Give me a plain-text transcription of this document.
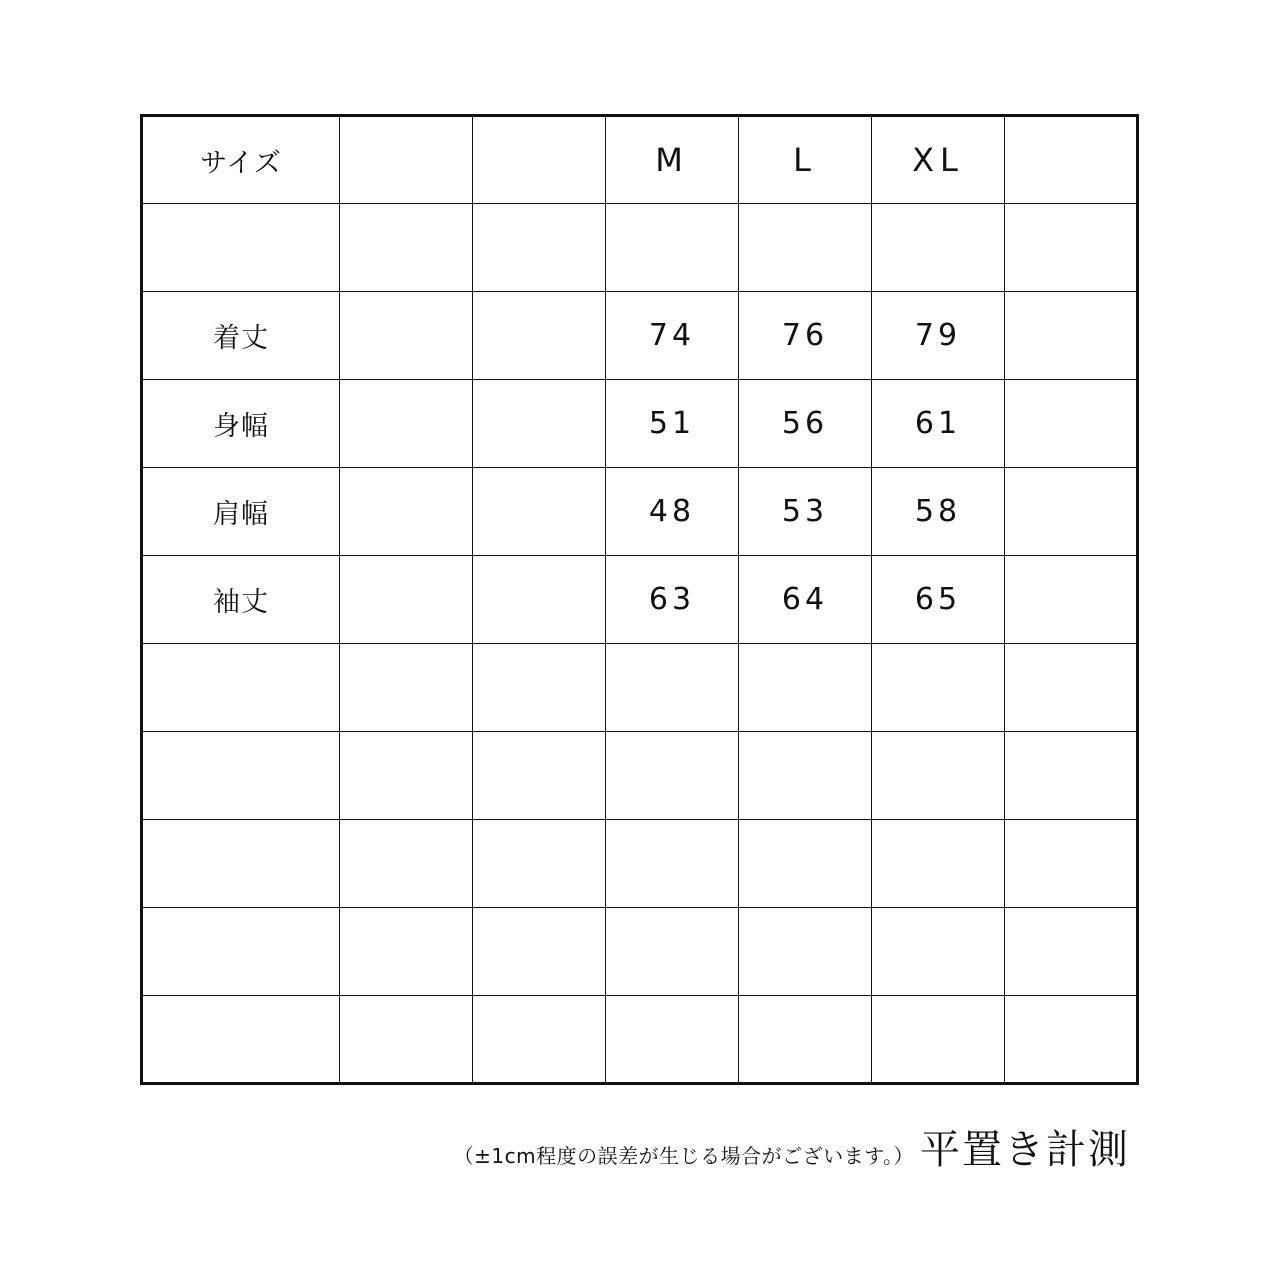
サイズ			M	L	XL	

着丈			74	76	79	
身幅			51	56	61	
肩幅			48	53	58	
袖丈			63	64	65	

（±1cm程度の誤差が生じる場合がございます。） 平置き計測
